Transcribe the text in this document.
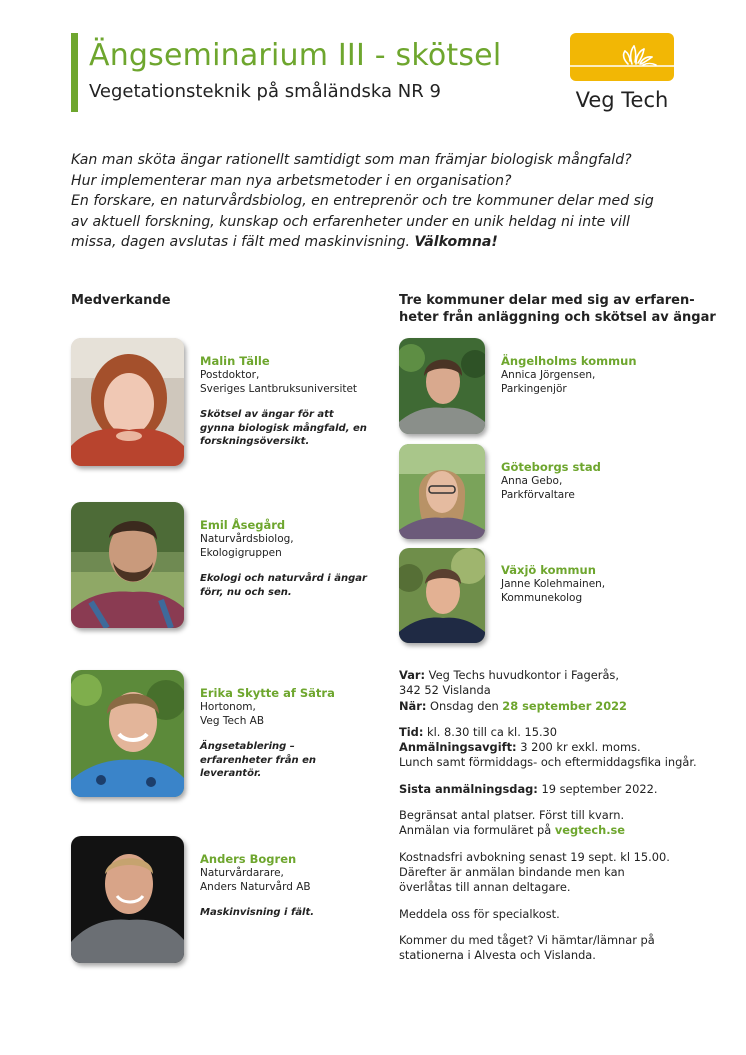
Ängseminarium III - skötsel
Vegetationsteknik på småländska NR 9	Veg Tech

Kan man sköta ängar rationellt samtidigt som man främjar biologisk mångfald?

Hur implementerar man nya arbetsmetoder i en organisation?

En forskare, en naturvårdsbiolog, en entreprenör och tre kommuner delar med sig

av aktuell forskning, kunskap och erfarenheter under en unik heldag ni inte vill

missa, dagen avslutas i fält med maskinvisning. Välkomna!

Medverkande	Tre kommuner delar med sig av erfaren-
heter från anläggning och skötsel av ängar
Malin Tälle
Postdoktor,
Sveriges Lantbruksuniversitet
Skötsel av ängar för att gynna biologisk mångfald, en forskningsöversikt.
Emil Åsegård
Naturvårdsbiolog,
Ekologigruppen
Ekologi och naturvård i ängar förr, nu och sen.
Erika Skytte af Sätra
Hortonom,
Veg Tech AB
Ängsetablering – erfarenheter från en leverantör.
Anders Bogren
Naturvårdarare,
Anders Naturvård AB
Maskinvisning i fält.
Ängelholms kommun
Annica Jörgensen,
Parkingenjör
Göteborgs stad
Anna Gebo,
Parkförvaltare
Växjö kommun
Janne Kolehmainen,
Kommunekolog

Var: Veg Techs huvudkontor i Fagerås,
342 52 Vislanda
När: Onsdag den 28 september 2022

Tid: kl. 8.30 till ca kl. 15.30
Anmälningsavgift: 3 200 kr exkl. moms.
Lunch samt förmiddags- och eftermiddagsfika ingår.

Sista anmälningsdag: 19 september 2022.

Begränsat antal platser. Först till kvarn.
Anmälan via formuläret på vegtech.se

Kostnadsfri avbokning senast 19 sept. kl 15.00.
Därefter är anmälan bindande men kan
överlåtas till annan deltagare.

Meddela oss för specialkost.

Kommer du med tåget? Vi hämtar/lämnar på
stationerna i Alvesta och Vislanda.
